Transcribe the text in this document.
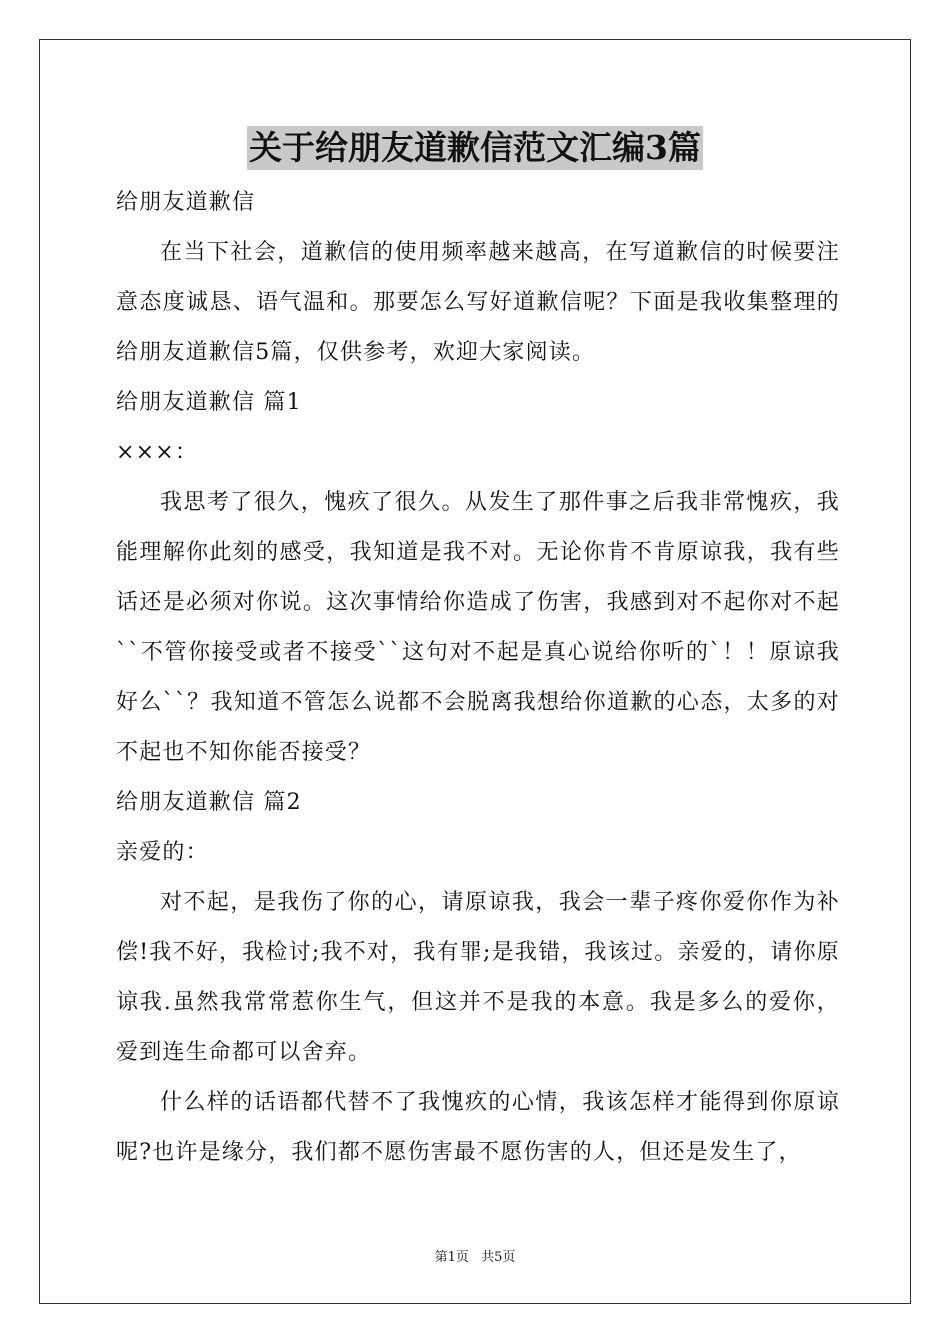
关于给朋友道歉信范文汇编3篇
给朋友道歉信
在当下社会，道歉信的使用频率越来越高，在写道歉信的时候要注意态度诚恳、语气温和。那要怎么写好道歉信呢？下面是我收集整理的给朋友道歉信5篇，仅供参考，欢迎大家阅读。
给朋友道歉信 篇1
×××：
我思考了很久，愧疚了很久。从发生了那件事之后我非常愧疚，我能理解你此刻的感受，我知道是我不对。无论你肯不肯原谅我，我有些话还是必须对你说。这次事情给你造成了伤害，我感到对不起你对不起``不管你接受或者不接受``这句对不起是真心说给你听的`！！原谅我好么``？我知道不管怎么说都不会脱离我想给你道歉的心态，太多的对不起也不知你能否接受？
给朋友道歉信 篇2
亲爱的：
对不起，是我伤了你的心，请原谅我，我会一辈子疼你爱你作为补偿!我不好，我检讨;我不对，我有罪;是我错，我该过。亲爱的，请你原谅我.虽然我常常惹你生气，但这并不是我的本意。我是多么的爱你，爱到连生命都可以舍弃。
什么样的话语都代替不了我愧疚的心情，我该怎样才能得到你原谅呢?也许是缘分，我们都不愿伤害最不愿伤害的人，但还是发生了，
第1页 共5页
